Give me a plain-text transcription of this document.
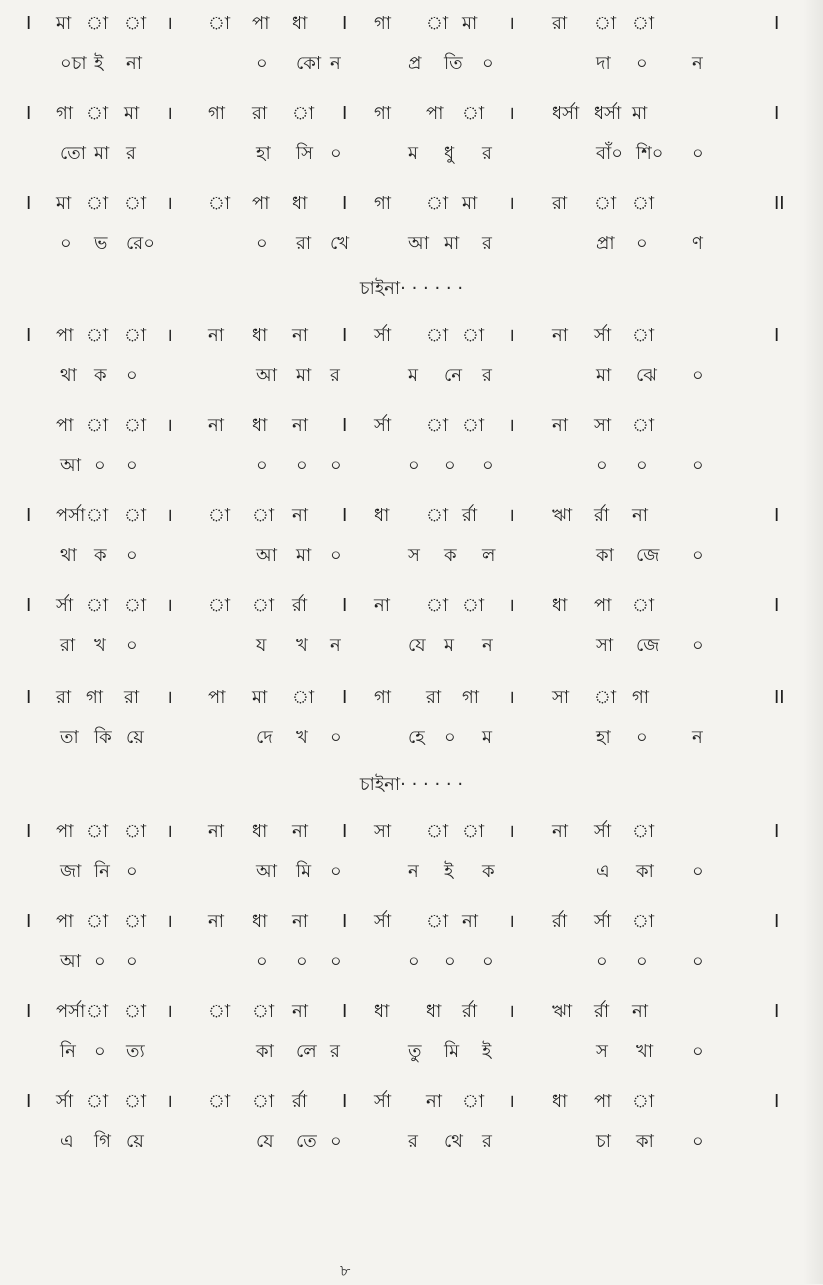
I মা া া । া পা ধা I গা া মা । রা া া	I
০চা ই না	০ কো ন	প্র তি ০	দা ০ ন
I গা া মা । গা রা া I গা পা া । ধর্সা ধর্সা মা	I
তো মা র	হা সি ০	ম ধু র	বাঁ০ শি০ ০
I মা া া । া পা ধা I গা া মা । রা া া	II
০ ভ রে০	০ রা খে	আ মা র	প্রা ০ ণ
চাইনা· · · · · ·
I পা া া । না ধা না I র্সা া া । না র্সা া	I
থা ক ০	আ মা র	ম নে র	মা ঝে ০
পা া া । না ধা না I র্সা া া । না সা া
আ ০ ০	০ ০ ০	০ ০ ০	০ ০ ০
I পর্সা া া । া া না I ধা া র্রা । ঋা র্রা না	I
থা ক ০	আ মা ০	স ক ল	কা জে ০
I র্সা া া । া া র্রা I না া া । ধা পা া	I
রা খ ০	য খ ন	যে ম ন	সা জে ০
I রা গা রা । পা মা া I গা রা গা । সা া গা	II
তা কি য়ে	দে খ ০	হে ০ ম	হা ০ ন
চাইনা· · · · · ·
I পা া া । না ধা না I সা া া । না র্সা া	I
জা নি ০	আ মি ০	ন ই ক	এ কা ০
I পা া া । না ধা না I র্সা া না । র্রা র্সা া	I
আ ০ ০	০ ০ ০	০ ০ ০	০ ০ ০
I পর্সা া া । া া না I ধা ধা র্রা । ঋা র্রা না	I
নি ০ ত্য	কা লে র	তু মি ই	স খা ০
I র্সা া া । া া র্রা I র্সা না া । ধা পা া	I
এ গি য়ে	যে তে ০	র থে র	চা কা ০
৮
